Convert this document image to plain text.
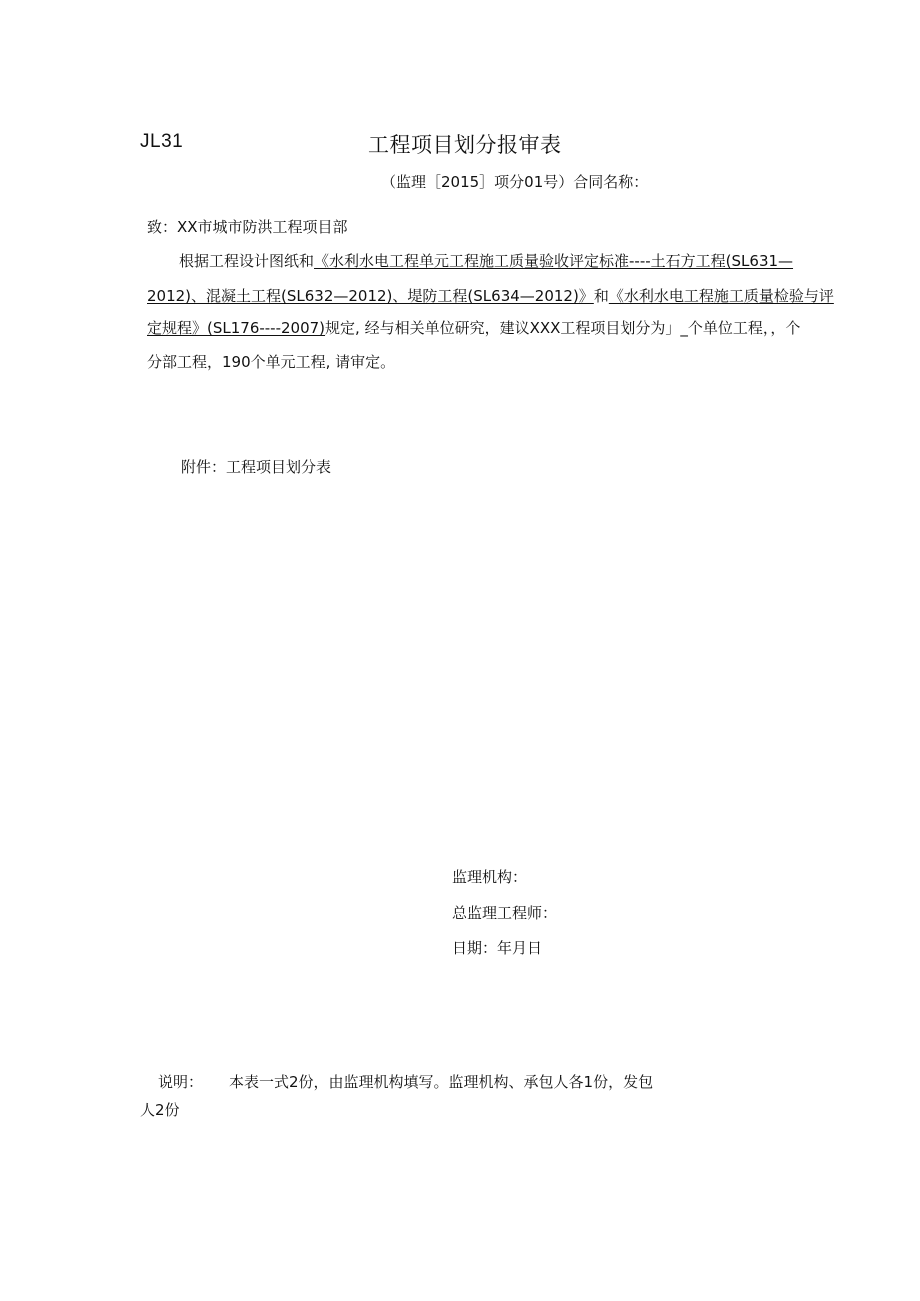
JL31	工程项目划分报审表
（监理［2015］项分01号）合同名称：
致：XX市城市防洪工程项目部
根据工程设计图纸和《水利水电工程单元工程施工质量验收评定标准----土石方工程(SL631—
2012)、混凝土工程(SL632—2012)、堤防工程(SL634—2012)》和《水利水电工程施工质量检验与评
定规程》(SL176----2007)规定, 经与相关单位研究，建议XXX工程项目划分为」_个单位工程，，个
分部工程，190个单元工程, 请审定。
附件：工程项目划分表
监理机构：
总监理工程师：
日期：年月日
说明： 本表一式2份，由监理机构填写。监理机构、承包人各1份，发包
人2份
